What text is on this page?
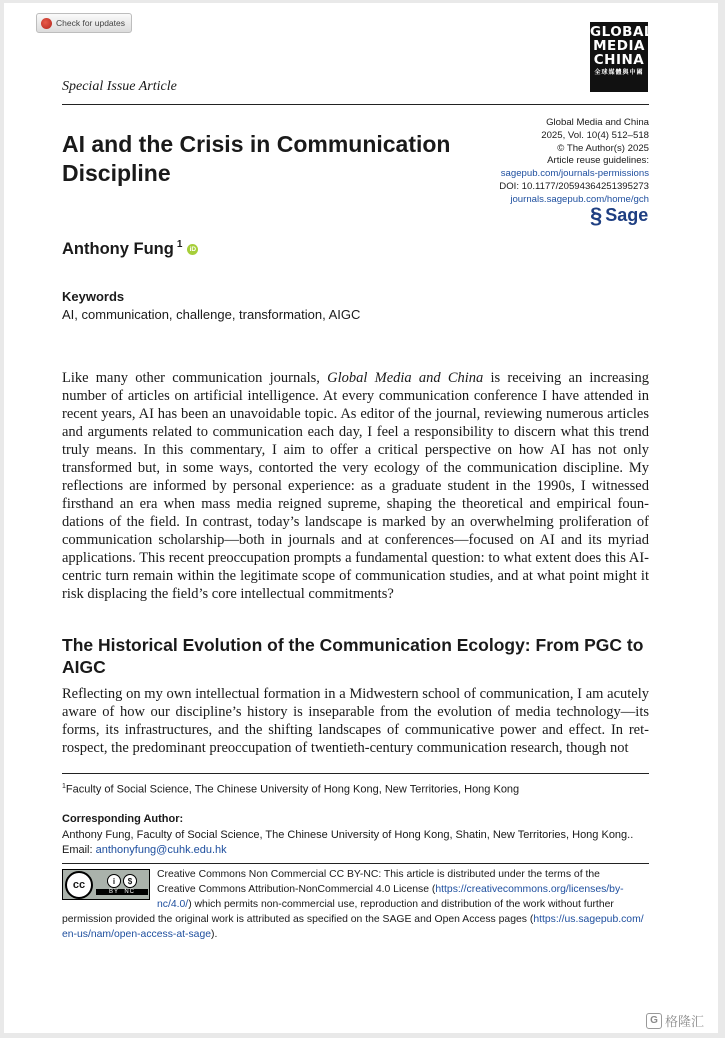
Check for updates
GLOBAL
MEDIA
CHINA
全球媒體與中國
Special Issue Article
AI and the Crisis in Communication Discipline
Global Media and China
2025, Vol. 10(4) 512–518
© The Author(s) 2025
Article reuse guidelines:
sagepub.com/journals-permissions
DOI: 10.1177/20594364251395273
journals.sagepub.com/home/gch
§ Sage
Anthony Fung $^1$	iD
Keywords
AI, communication, challenge, transformation, AIGC
Like many other communication journals, Global Media and China is receiving an increasing number of articles on artificial intelligence. At every communication conference I have attended in recent years, AI has been an unavoidable topic. As editor of the journal, reviewing numerous articles and arguments related to communication each day, I feel a responsibility to discern what this trend truly means. In this commentary, I aim to offer a critical perspective on how AI has not only transformed but, in some ways, contorted the very ecology of the communication discipline. My reflections are informed by personal experience: as a graduate student in the 1990s, I witnessed firsthand an era when mass media reigned supreme, shaping the theoretical and empirical foundations of the field. In contrast, today’s landscape is marked by an overwhelming proliferation of communication scholarship—both in journals and at conferences—focused on AI and its myriad applications. This recent preoccupation prompts a fundamental question: to what extent does this AI-centric turn remain within the legitimate scope of communication studies, and at what point might it risk displacing the field’s core intellectual commitments?
The Historical Evolution of the Communication Ecology: From PGC to AIGC
Reflecting on my own intellectual formation in a Midwestern school of communication, I am acutely aware of how our discipline’s history is inseparable from the evolution of media technology—its forms, its infrastructures, and the shifting landscapes of communicative power and effect. In retrospect, the predominant preoccupation of twentieth-century communication research, though not
$^1$Faculty of Social Science, The Chinese University of Hong Kong, New Territories, Hong Kong
Corresponding Author:
Anthony Fung, Faculty of Social Science, The Chinese University of Hong Kong, Shatin, New Territories, Hong Kong..
Email: anthonyfung@cuhk.edu.hk
cc	i	$
BY NC
Creative Commons Non Commercial CC BY-NC: This article is distributed under the terms of the
Creative Commons Attribution-NonCommercial 4.0 License (https://creativecommons.org/licenses/by-
nc/4.0/) which permits non-commercial use, reproduction and distribution of the work without further
permission provided the original work is attributed as specified on the SAGE and Open Access pages (https://us.sagepub.com/
en-us/nam/open-access-at-sage).
G 格隆汇
